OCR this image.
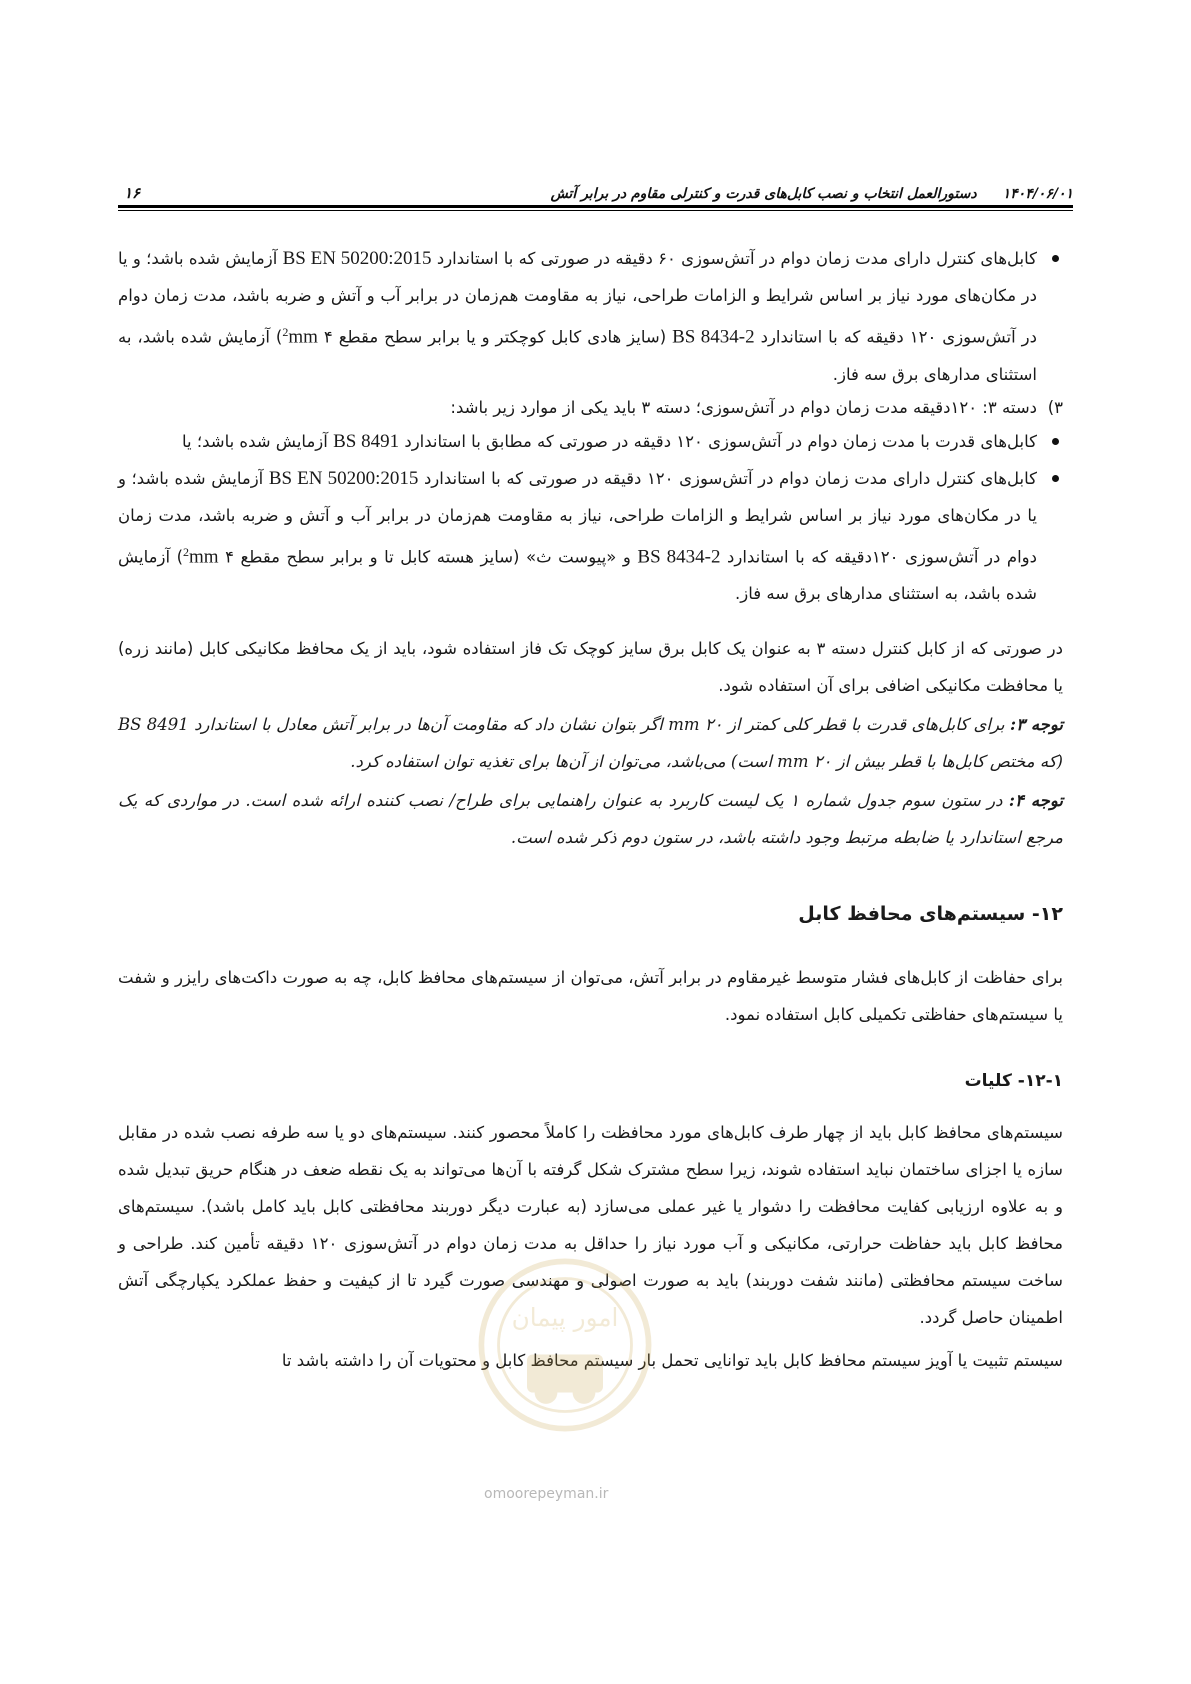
۱۴۰۴/۰۶/۰۱
دستورالعمل انتخاب و نصب کابل‌های قدرت و کنترلی مقاوم در برابر آتش
۱۶

کابل‌های کنترل دارای مدت زمان دوام در آتش‌سوزی ۶۰ دقیقه در صورتی که با استاندارد BS EN 50200:2015 آزمایش شده باشد؛ و یا در مکان‌های مورد نیاز بر اساس شرایط و الزامات طراحی، نیاز به مقاومت هم‌زمان در برابر آب و آتش و ضربه باشد، مدت زمان دوام در آتش‌سوزی ۱۲۰ دقیقه که با استاندارد BS 8434-2 (سایز هادی کابل کوچکتر و یا برابر سطح مقطع ۴ $mm^2$) آزمایش شده باشد، به استثنای مدارهای برق سه فاز.

۳)
دسته ۳: ۱۲۰دقیقه مدت زمان دوام در آتش‌سوزی؛ دسته ۳ باید یکی از موارد زیر باشد:

کابل‌های قدرت با مدت زمان دوام در آتش‌سوزی ۱۲۰ دقیقه در صورتی که مطابق با استاندارد BS 8491 آزمایش شده باشد؛ یا

کابل‌های کنترل دارای مدت زمان دوام در آتش‌سوزی ۱۲۰ دقیقه در صورتی که با استاندارد BS EN 50200:2015 آزمایش شده باشد؛ و یا در مکان‌های مورد نیاز بر اساس شرایط و الزامات طراحی، نیاز به مقاومت هم‌زمان در برابر آب و آتش و ضربه باشد، مدت زمان دوام در آتش‌سوزی ۱۲۰دقیقه که با استاندارد BS 8434-2 و «پیوست ث» (سایز هسته کابل تا و برابر سطح مقطع ۴ $mm^2$) آزمایش شده باشد، به استثنای مدارهای برق سه فاز.

در صورتی که از کابل کنترل دسته ۳ به عنوان یک کابل برق سایز کوچک تک فاز استفاده شود، باید از یک محافظ مکانیکی کابل (مانند زره) یا محافظت مکانیکی اضافی برای آن استفاده شود.

توجه ۳: برای کابل‌های قدرت با قطر کلی کمتر از ۲۰ mm اگر بتوان نشان داد که مقاومت آن‌ها در برابر آتش معادل با استاندارد BS 8491 (که مختص کابل‌ها با قطر بیش از ۲۰ mm است) می‌باشد، می‌توان از آن‌ها برای تغذیه توان استفاده کرد.

توجه ۴: در ستون سوم جدول شماره ۱ یک لیست کاربرد به عنوان راهنمایی برای طراح/ نصب کننده ارائه شده است. در مواردی که یک مرجع استاندارد یا ضابطه مرتبط وجود داشته باشد، در ستون دوم ذکر شده است.

۱۲- سیستم‌های محافظ کابل

برای حفاظت از کابل‌های فشار متوسط غیرمقاوم در برابر آتش، می‌توان از سیستم‌های محافظ کابل، چه به صورت داکت‌های رایزر و شفت یا سیستم‌های حفاظتی تکمیلی کابل استفاده نمود.

۱۲-۱- کلیات

سیستم‌های محافظ کابل باید از چهار طرف کابل‌های مورد محافظت را کاملاً محصور کنند. سیستم‌های دو یا سه طرفه نصب شده در مقابل سازه یا اجزای ساختمان نباید استفاده شوند، زیرا سطح مشترک شکل گرفته با آن‌ها می‌تواند به یک نقطه ضعف در هنگام حریق تبدیل شده و به علاوه ارزیابی کفایت محافظت را دشوار یا غیر عملی می‌سازد (به عبارت دیگر دوربند محافظتی کابل باید کامل باشد). سیستم‌های محافظ کابل باید حفاظت حرارتی، مکانیکی و آب مورد نیاز را حداقل به مدت زمان دوام در آتش‌سوزی ۱۲۰ دقیقه تأمین کند. طراحی و ساخت سیستم محافظتی (مانند شفت دوربند) باید به صورت اصولی و مهندسی صورت گیرد تا از کیفیت و حفظ عملکرد یکپارچگی آتش اطمینان حاصل گردد.

سیستم تثبیت یا آویز سیستم محافظ کابل باید توانایی تحمل بار سیستم محافظ کابل و محتویات آن را داشته باشد تا

امور پیمان
omoorepeyman.ir
